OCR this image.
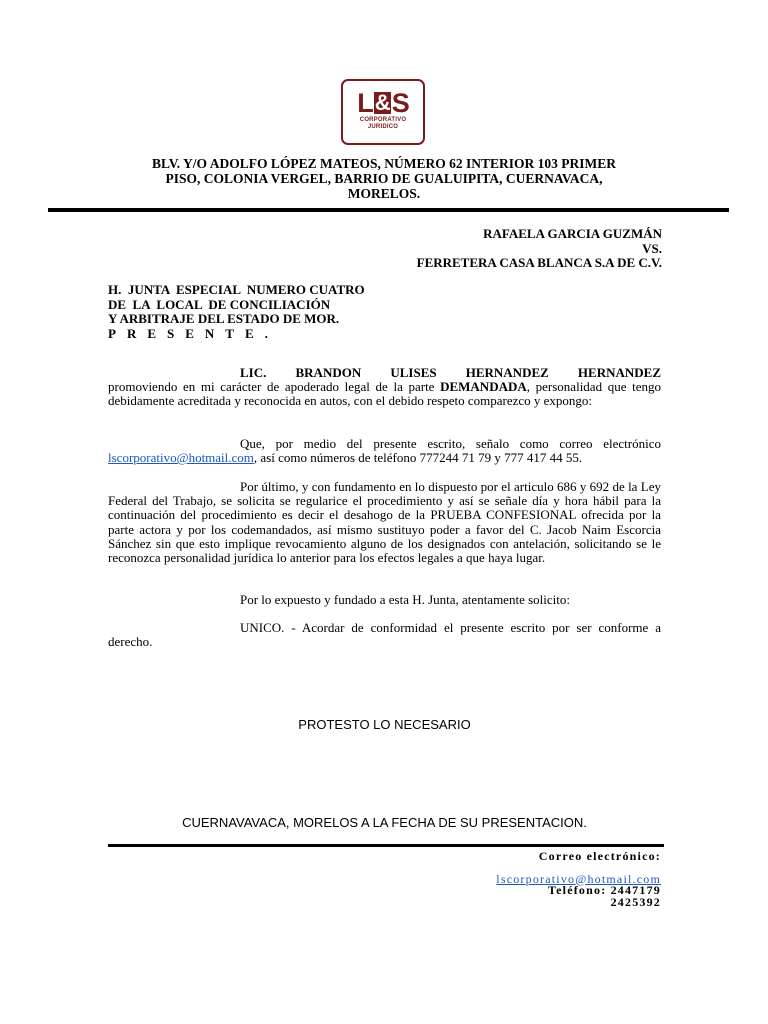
L&S
CORPORATIVO
JURIDICO
BLV. Y/O ADOLFO LÓPEZ MATEOS, NÚMERO 62 INTERIOR 103 PRIMER
PISO, COLONIA VERGEL, BARRIO DE GUALUIPITA, CUERNAVACA,
MORELOS.
RAFAELA GARCIA GUZMÁN
VS.
FERRETERA CASA BLANCA S.A DE C.V.
H.  JUNTA  ESPECIAL  NUMERO CUATRO
DE  LA  LOCAL  DE CONCILIACIÓN
Y ARBITRAJE DEL ESTADO DE MOR.
PRESENTE.
LIC. BRANDON ULISES HERNANDEZ HERNANDEZ
promoviendo en mi carácter de apoderado legal de la parte DEMANDADA, personalidad que tengo debidamente acreditada y reconocida en autos, con el debido respeto comparezco y expongo:
Que, por medio del presente escrito, señalo como correo electrónico lscorporativo@hotmail.com, así como números de teléfono 777244 71 79 y 777 417 44 55.
Por último, y con fundamento en lo dispuesto por el articulo 686 y 692 de la Ley Federal del Trabajo, se solicita se regularice el procedimiento y así se señale día y hora hábil para la continuación del procedimiento es decir el desahogo de la PRUEBA CONFESIONAL ofrecida por la parte actora y por los codemandados, así mismo sustituyo poder a favor del C. Jacob Naim Escorcia Sánchez sin que esto implique revocamiento alguno de los designados con antelación, solicitando se le reconozca personalidad jurídica lo anterior para los efectos legales a que haya lugar.
Por lo expuesto y fundado a esta H. Junta, atentamente solicito:
UNICO. - Acordar de conformidad el presente escrito por ser conforme a derecho.
PROTESTO LO NECESARIO
CUERNAVAVACA, MORELOS A LA FECHA DE SU PRESENTACION.
Correo electrónico:
lscorporativo@hotmail.com
Teléfono: 2447179
2425392
